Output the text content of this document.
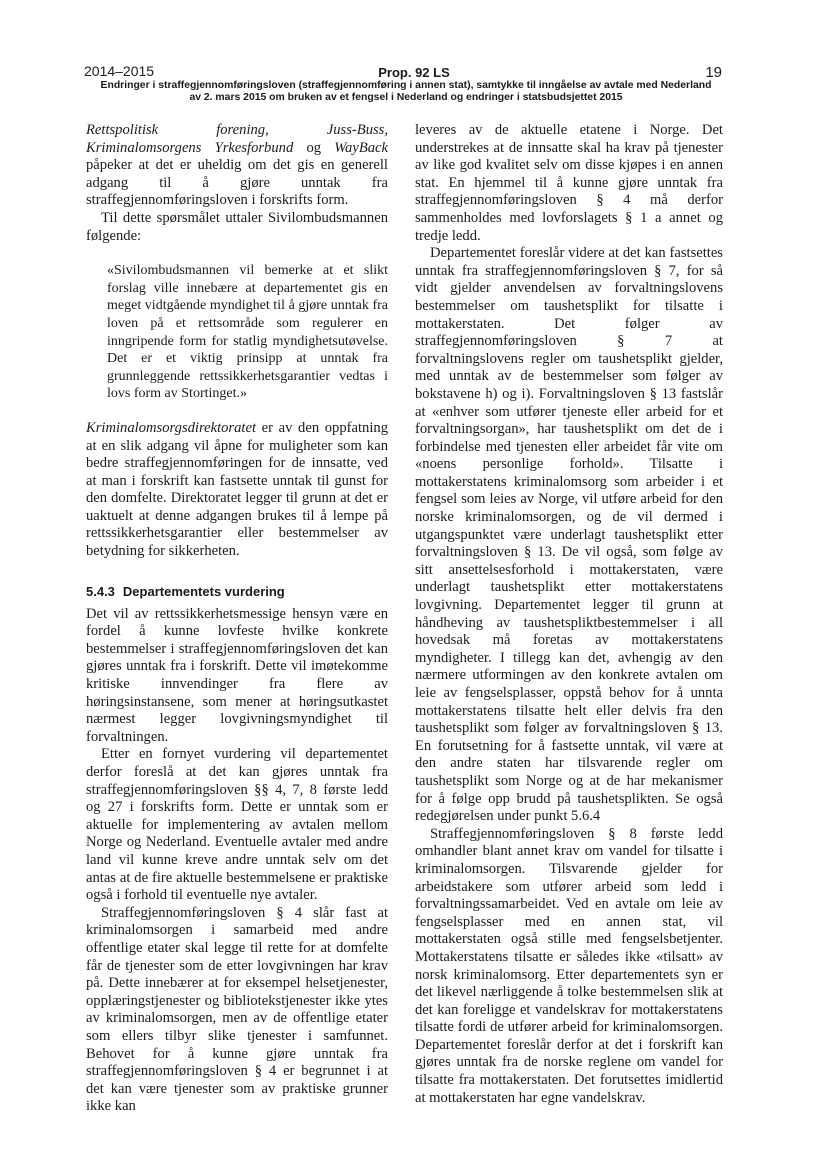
2014–2015	Prop. 92 LS	19
Endringer i straffegjennomføringsloven (straffegjennomføring i annen stat), samtykke til inngåelse av avtale med Nederland
av 2. mars 2015 om bruken av et fengsel i Nederland og endringer i statsbudsjettet 2015

Rettspolitisk forening, Juss-Buss, Kriminalomsorgens Yrkesforbund og WayBack påpeker at det er uheldig om det gis en generell adgang til å gjøre unntak fra straffegjennomføringsloven i forskrifts form.

Til dette spørsmålet uttaler Sivilombudsmannen følgende:

«Sivilombudsmannen vil bemerke at et slikt forslag ville innebære at departementet gis en meget vidtgående myndighet til å gjøre unntak fra loven på et rettsområde som regulerer en inngripende form for statlig myndighetsutøvelse. Det er et viktig prinsipp at unntak fra grunnleggende rettssikkerhetsgarantier vedtas i lovs form av Stortinget.»

Kriminalomsorgsdirektoratet er av den oppfatning at en slik adgang vil åpne for muligheter som kan bedre straffegjennomføringen for de innsatte, ved at man i forskrift kan fastsette unntak til gunst for den domfelte. Direktoratet legger til grunn at det er uaktuelt at denne adgangen brukes til å lempe på rettssikkerhetsgarantier eller bestemmelser av betydning for sikkerheten.

5.4.3 Departementets vurdering

Det vil av rettssikkerhetsmessige hensyn være en fordel å kunne lovfeste hvilke konkrete bestemmelser i straffegjennomføringsloven det kan gjøres unntak fra i forskrift. Dette vil imøtekomme kritiske innvendinger fra flere av høringsinstansene, som mener at høringsutkastet nærmest legger lovgivningsmyndighet til forvaltningen.

Etter en fornyet vurdering vil departementet derfor foreslå at det kan gjøres unntak fra straffegjennomføringsloven §§ 4, 7, 8 første ledd og 27 i forskrifts form. Dette er unntak som er aktuelle for implementering av avtalen mellom Norge og Nederland. Eventuelle avtaler med andre land vil kunne kreve andre unntak selv om det antas at de fire aktuelle bestemmelsene er praktiske også i forhold til eventuelle nye avtaler.

Straffegjennomføringsloven § 4 slår fast at kriminalomsorgen i samarbeid med andre offentlige etater skal legge til rette for at domfelte får de tjenester som de etter lovgivningen har krav på. Dette innebærer at for eksempel helsetjenester, opplæringstjenester og bibliotekstjenester ikke ytes av kriminalomsorgen, men av de offentlige etater som ellers tilbyr slike tjenester i samfunnet. Behovet for å kunne gjøre unntak fra straffegjennomføringsloven § 4 er begrunnet i at det kan være tjenester som av praktiske grunner ikke kan

leveres av de aktuelle etatene i Norge. Det understrekes at de innsatte skal ha krav på tjenester av like god kvalitet selv om disse kjøpes i en annen stat. En hjemmel til å kunne gjøre unntak fra straffegjennomføringsloven § 4 må derfor sammenholdes med lovforslagets § 1 a annet og tredje ledd.

Departementet foreslår videre at det kan fastsettes unntak fra straffegjennomføringsloven § 7, for så vidt gjelder anvendelsen av forvaltningslovens bestemmelser om taushetsplikt for tilsatte i mottakerstaten. Det følger av straffegjennomføringsloven § 7 at forvaltningslovens regler om taushetsplikt gjelder, med unntak av de bestemmelser som følger av bokstavene h) og i). Forvaltningsloven § 13 fastslår at «enhver som utfører tjeneste eller arbeid for et forvaltningsorgan», har taushetsplikt om det de i forbindelse med tjenesten eller arbeidet får vite om «noens personlige forhold». Tilsatte i mottakerstatens kriminalomsorg som arbeider i et fengsel som leies av Norge, vil utføre arbeid for den norske kriminalomsorgen, og de vil dermed i utgangspunktet være underlagt taushetsplikt etter forvaltningsloven § 13. De vil også, som følge av sitt ansettelsesforhold i mottakerstaten, være underlagt taushetsplikt etter mottakerstatens lovgivning. Departementet legger til grunn at håndheving av taushetspliktbestemmelser i all hovedsak må foretas av mottakerstatens myndigheter. I tillegg kan det, avhengig av den nærmere utformingen av den konkrete avtalen om leie av fengselsplasser, oppstå behov for å unnta mottakerstatens tilsatte helt eller delvis fra den taushetsplikt som følger av forvaltningsloven § 13. En forutsetning for å fastsette unntak, vil være at den andre staten har tilsvarende regler om taushetsplikt som Norge og at de har mekanismer for å følge opp brudd på taushetsplikten. Se også redegjørelsen under punkt 5.6.4

Straffegjennomføringsloven § 8 første ledd omhandler blant annet krav om vandel for tilsatte i kriminalomsorgen. Tilsvarende gjelder for arbeidstakere som utfører arbeid som ledd i forvaltningssamarbeidet. Ved en avtale om leie av fengselsplasser med en annen stat, vil mottakerstaten også stille med fengselsbetjenter. Mottakerstatens tilsatte er således ikke «tilsatt» av norsk kriminalomsorg. Etter departementets syn er det likevel nærliggende å tolke bestemmelsen slik at det kan foreligge et vandelskrav for mottakerstatens tilsatte fordi de utfører arbeid for kriminalomsorgen. Departementet foreslår derfor at det i forskrift kan gjøres unntak fra de norske reglene om vandel for tilsatte fra mottakerstaten. Det forutsettes imidlertid at mottakerstaten har egne vandelskrav.
